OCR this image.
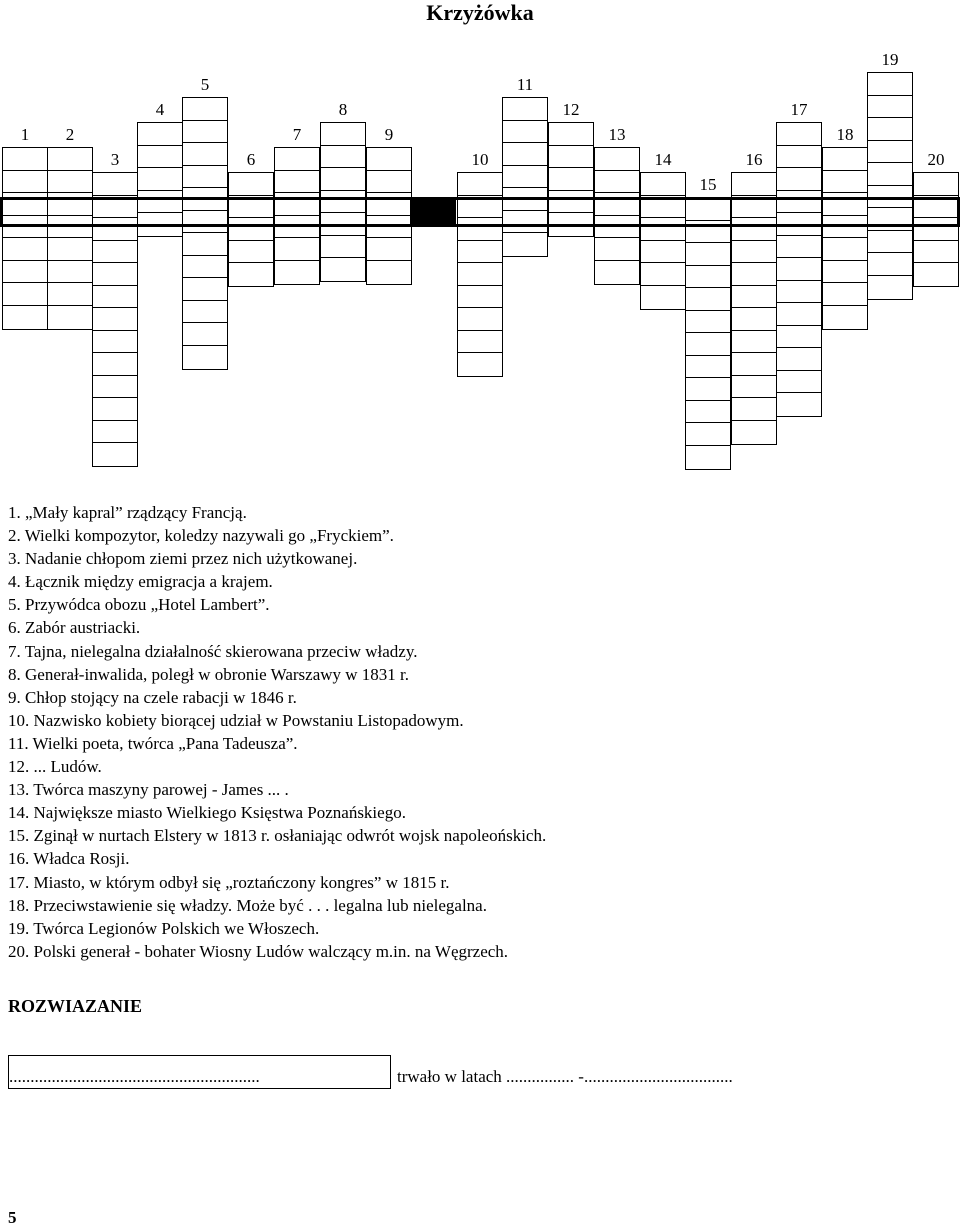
Krzyżówka
1 2
3
4
5
6
7
8
9
10
11
12
13
14
15
16
17
18
19
20
1. „Mały kapral” rządzący Francją.
2. Wielki kompozytor, koledzy nazywali go „Fryckiem”.
3. Nadanie chłopom ziemi przez nich użytkowanej.
4. Łącznik między emigracja a krajem.
5. Przywódca obozu „Hotel Lambert”.
6. Zabór austriacki.
7. Tajna, nielegalna działalność skierowana przeciw władzy.
8. Generał-inwalida, poległ w obronie Warszawy w 1831 r.
9. Chłop stojący na czele rabacji w 1846 r.
10. Nazwisko kobiety biorącej udział w Powstaniu Listopadowym.
11. Wielki poeta, twórca „Pana Tadeusza”.
12. ... Ludów.
13. Twórca maszyny parowej - James ... .
14. Największe miasto Wielkiego Księstwa Poznańskiego.
15. Zginął w nurtach Elstery w 1813 r. osłaniając odwrót wojsk napoleońskich.
16. Władca Rosji.
17. Miasto, w którym odbył się „roztańczony kongres” w 1815 r.
18. Przeciwstawienie się władzy. Może być . . . legalna lub nielegalna.
19. Twórca Legionów Polskich we Włoszech.
20. Polski generał - bohater Wiosny Ludów walczący m.in. na Węgrzech.
ROZWIAZANIE
...........................................................	trwało w latach ................ -...................................
5
